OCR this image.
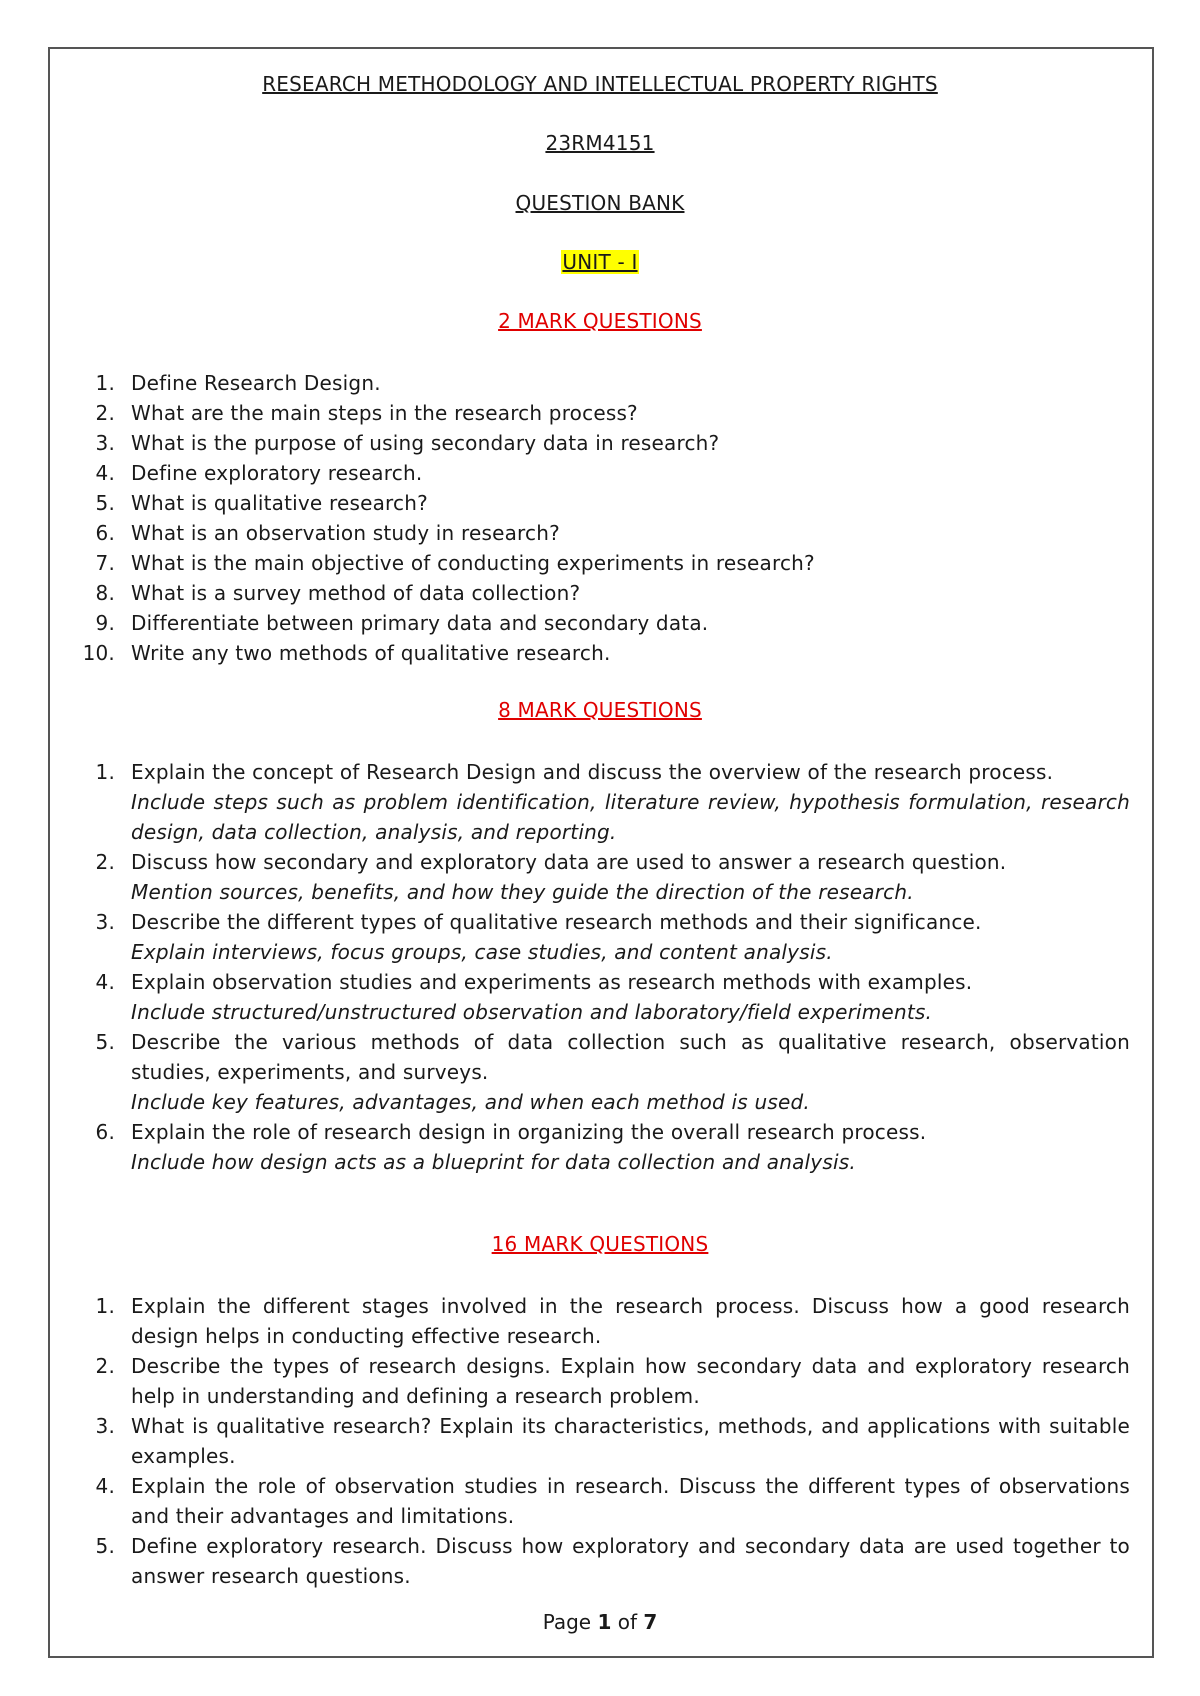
RESEARCH METHODOLOGY AND INTELLECTUAL PROPERTY RIGHTS
23RM4151
QUESTION BANK
UNIT - I
2 MARK QUESTIONS
1. Define Research Design.
2. What are the main steps in the research process?
3. What is the purpose of using secondary data in research?
4. Define exploratory research.
5. What is qualitative research?
6. What is an observation study in research?
7. What is the main objective of conducting experiments in research?
8. What is a survey method of data collection?
9. Differentiate between primary data and secondary data.
10. Write any two methods of qualitative research.
8 MARK QUESTIONS
1. Explain the concept of Research Design and discuss the overview of the research process.
Include steps such as problem identification, literature review, hypothesis formulation, research design, data collection, analysis, and reporting.
2. Discuss how secondary and exploratory data are used to answer a research question.
Mention sources, benefits, and how they guide the direction of the research.
3. Describe the different types of qualitative research methods and their significance.
Explain interviews, focus groups, case studies, and content analysis.
4. Explain observation studies and experiments as research methods with examples.
Include structured/unstructured observation and laboratory/field experiments.
5. Describe the various methods of data collection such as qualitative research, observation studies, experiments, and surveys.
Include key features, advantages, and when each method is used.
6. Explain the role of research design in organizing the overall research process.
Include how design acts as a blueprint for data collection and analysis.
16 MARK QUESTIONS
1. Explain the different stages involved in the research process. Discuss how a good research design helps in conducting effective research.
2. Describe the types of research designs. Explain how secondary data and exploratory research help in understanding and defining a research problem.
3. What is qualitative research? Explain its characteristics, methods, and applications with suitable examples.
4. Explain the role of observation studies in research. Discuss the different types of observations and their advantages and limitations.
5. Define exploratory research. Discuss how exploratory and secondary data are used together to answer research questions.
Page 1 of 7
